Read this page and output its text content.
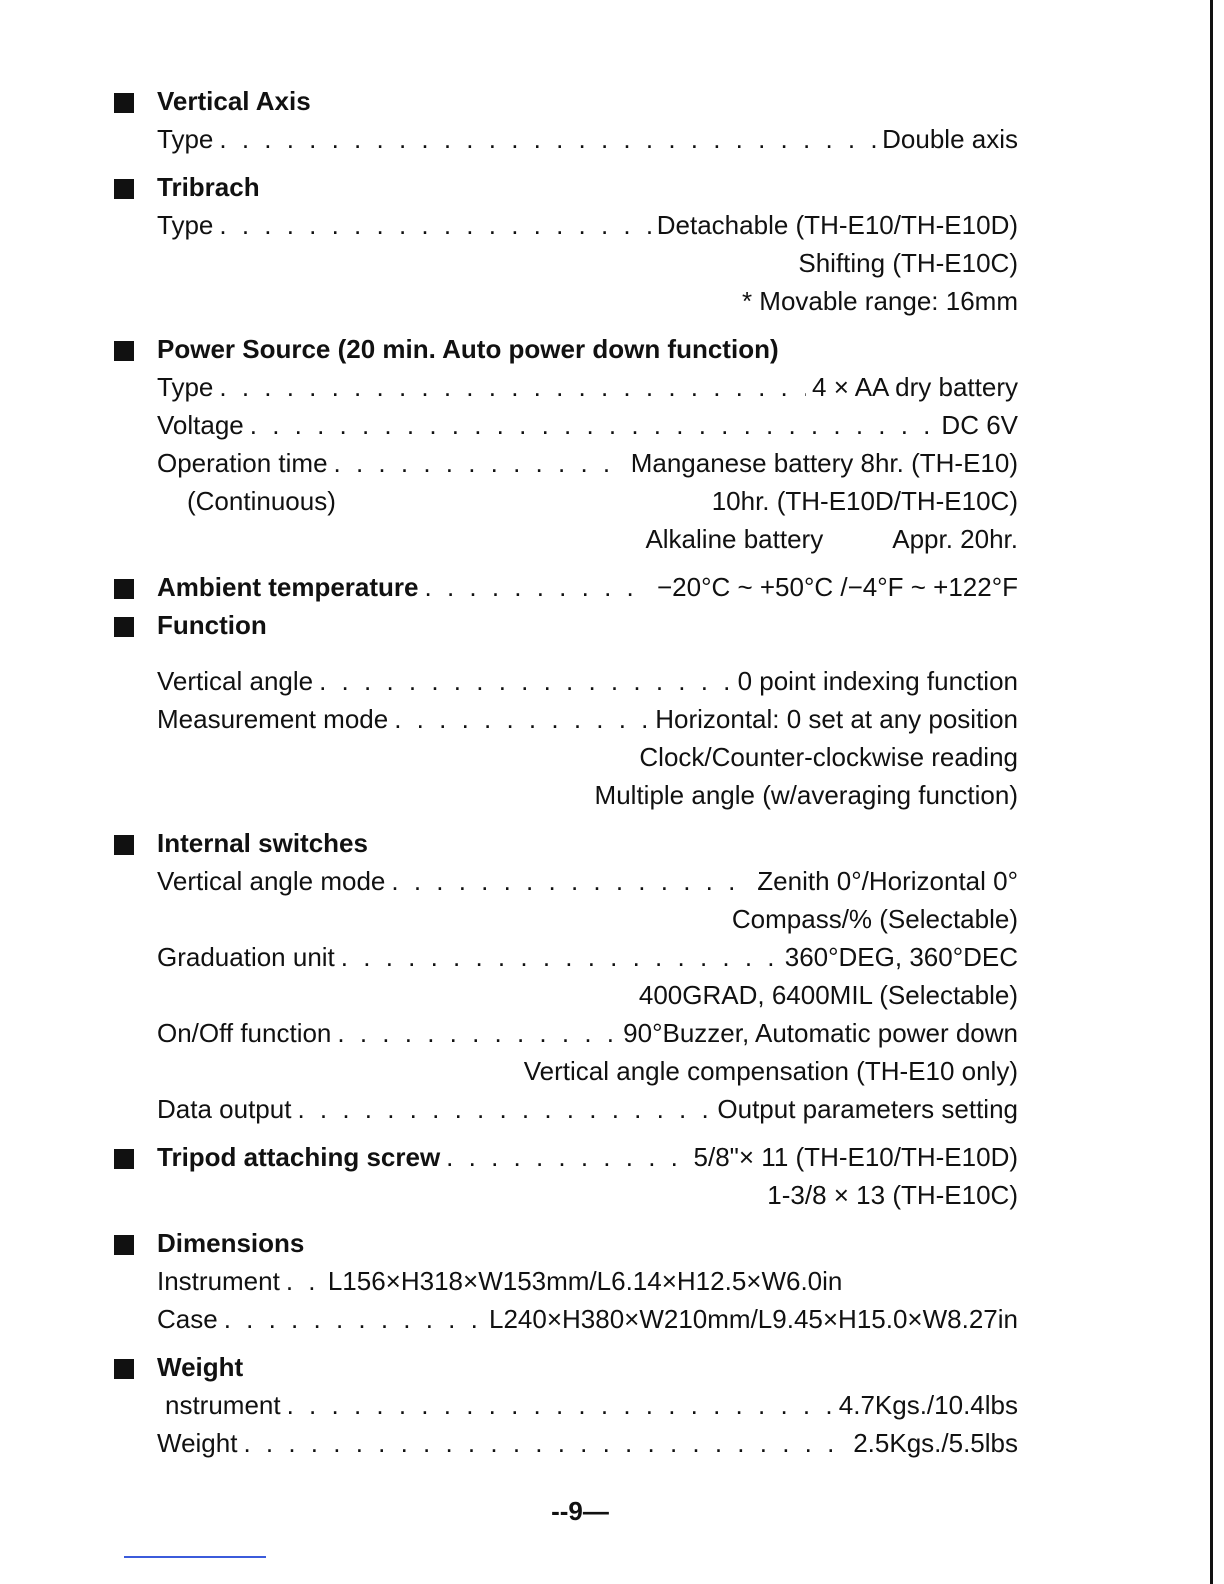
Vertical Axis
Type . . .	Double axis
Tribrach
Type . . .	Detachable (TH-E10/TH-E10D)
Shifting (TH-E10C)
* Movable range: 16mm
Power Source (20 min. Auto power down function)
Type . . .	4 × AA dry battery
Voltage . . .	DC 6V
Operation time . . .	Manganese battery 8hr. (TH-E10)
(Continuous)	10hr. (TH-E10D/TH-E10C)
Alkaline battery	Appr. 20hr.
Ambient temperature . . .	−20°C ~ +50°C /−4°F ~ +122°F
Function
Vertical angle . . .	0 point indexing function
Measurement mode . . .	Horizontal: 0 set at any position
Clock/Counter-clockwise reading
Multiple angle (w/averaging function)
Internal switches
Vertical angle mode . . .	Zenith 0°/Horizontal 0°
Compass/% (Selectable)
Graduation unit . . .	360°DEG, 360°DEC
400GRAD, 6400MIL (Selectable)
On/Off function . . .	90°Buzzer, Automatic power down
Vertical angle compensation (TH-E10 only)
Data output . . .	Output parameters setting
Tripod attaching screw . . .	5/8"× 11 (TH-E10/TH-E10D)
1-3/8 × 13 (TH-E10C)
Dimensions
Instrument . . . L156×H318×W153mm/L6.14×H12.5×W6.0in
Case . . .	L240×H380×W210mm/L9.45×H15.0×W8.27in
Weight
nstrument . . .	4.7Kgs./10.4lbs
Weight . . .	2.5Kgs./5.5lbs
--9—
